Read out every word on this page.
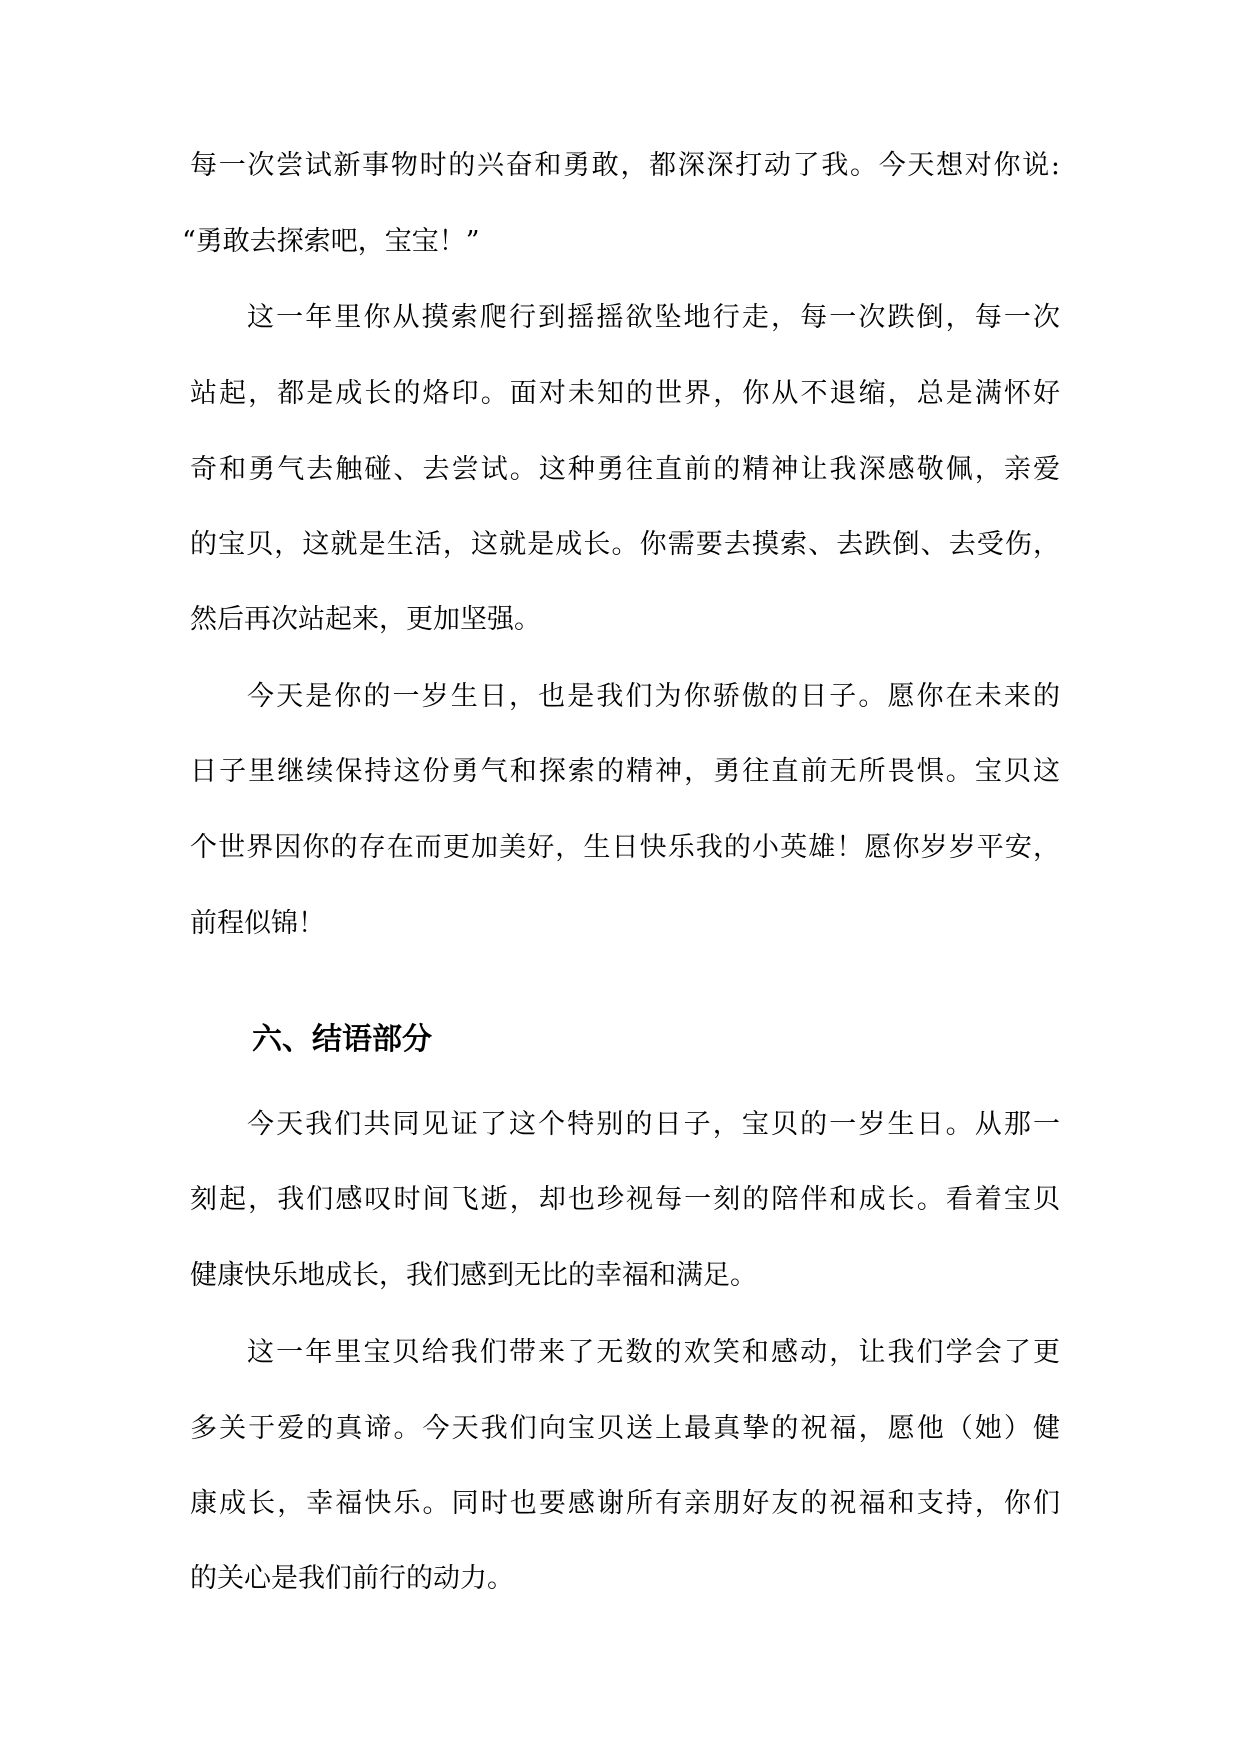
每一次尝试新事物时的兴奋和勇敢，都深深打动了我。今天想对你说:
“勇敢去探索吧，宝宝！”
这一年里你从摸索爬行到摇摇欲坠地行走，每一次跌倒，每一次
站起，都是成长的烙印。面对未知的世界，你从不退缩，总是满怀好
奇和勇气去触碰、去尝试。这种勇往直前的精神让我深感敬佩，亲爱
的宝贝，这就是生活，这就是成长。你需要去摸索、去跌倒、去受伤，
然后再次站起来，更加坚强。
今天是你的一岁生日，也是我们为你骄傲的日子。愿你在未来的
日子里继续保持这份勇气和探索的精神，勇往直前无所畏惧。宝贝这
个世界因你的存在而更加美好，生日快乐我的小英雄！愿你岁岁平安，
前程似锦！
六、结语部分
今天我们共同见证了这个特别的日子，宝贝的一岁生日。从那一
刻起，我们感叹时间飞逝，却也珍视每一刻的陪伴和成长。看着宝贝
健康快乐地成长，我们感到无比的幸福和满足。
这一年里宝贝给我们带来了无数的欢笑和感动，让我们学会了更
多关于爱的真谛。今天我们向宝贝送上最真挚的祝福，愿他（她）健
康成长，幸福快乐。同时也要感谢所有亲朋好友的祝福和支持，你们
的关心是我们前行的动力。
